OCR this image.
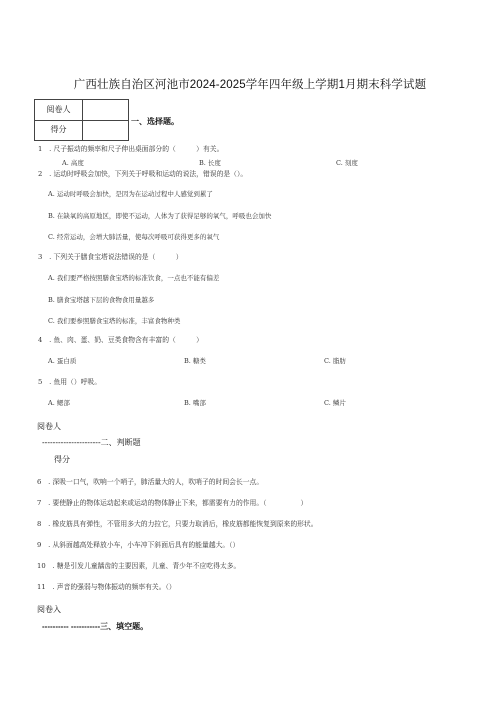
广西壮族自治区河池市2024-2025学年四年级上学期1月期末科学试题
阅卷人
得分
一、选择题。
1　. 尺子振动的频率和尺子伸出桌面部分的（　　　）有关。
A. 高度	B. 长度	C. 刻度
2　. 运动时呼吸会加快，下列关于呼吸和运动的说法，错误的是（）。
A. 运动时呼吸会加快，是因为在运动过程中人感觉到累了
B. 在缺氧的高原地区，即使不运动，人体为了获得足够的氧气，呼吸也会加快
C. 经常运动，会增大肺活量，使每次呼吸可获得更多的氧气
3　. 下列关于膳食宝塔说法错误的是（　　　）
A. 我们要严格按照膳食宝塔的标准饮食，一点也不能有偏差
B. 膳食宝塔越下层的食物食用量越多
C. 我们要参照膳食宝塔的标准，丰富食物种类
4　. 鱼、肉、蛋、奶、豆类食物含有丰富的（　　　）
A. 蛋白质	B. 糖类	C. 脂肪
5　. 鱼用（）呼吸。
A. 鳃部	B. 嘴部	C. 鳞片
阅卷人
----------------------二、判断题
得分
6　. 深吸一口气，吹响一个哨子，肺活量大的人，吹哨子的时间会长一点。
7　. 要使静止的物体运动起来或运动的物体静止下来，都需要有力的作用。（　　　　　）
8　. 橡皮筋具有弹性，不管用多大的力拉它，只要力取消后，橡皮筋都能恢复到原来的形状。
9　. 从斜面越高处释放小车，小车冲下斜面后具有的能量越大。（）
10　. 糖是引发儿童龋齿的主要因素，儿童、青少年不应吃得太多。
11　. 声音的强弱与物体振动的频率有关。（）
阅卷入
---------- -----------三、填空题。
